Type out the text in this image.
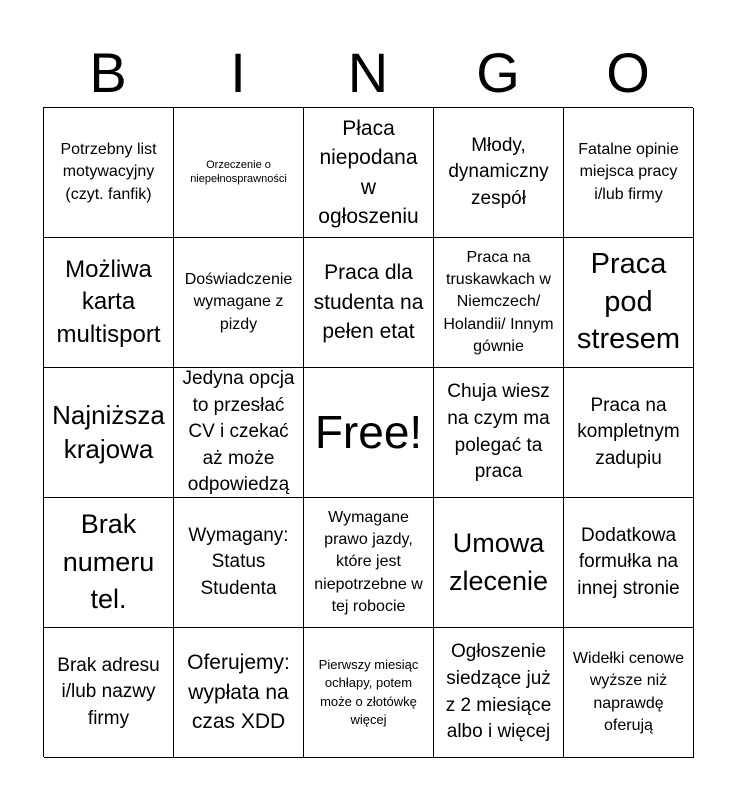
B	I	N	G	O
Potrzebny list motywacyjny (czyt. fanfik)
Orzeczenie o niepełnosprawności
Płaca niepodana w ogłoszeniu
Młody, dynamiczny zespół
Fatalne opinie miejsca pracy i/lub firmy
Możliwa karta multisport
Doświadczenie wymagane z pizdy
Praca dla studenta na pełen etat
Praca na truskawkach w Niemczech/ Holandii/ Innym gównie
Praca pod stresem
Najniższa krajowa
Jedyna opcja to przesłać CV i czekać aż może odpowiedzą
Free!
Chuja wiesz na czym ma polegać ta praca
Praca na kompletnym zadupiu
Brak numeru tel.
Wymagany: Status Studenta
Wymagane prawo jazdy, które jest niepotrzebne w tej robocie
Umowa zlecenie
Dodatkowa formułka na innej stronie
Brak adresu i/lub nazwy firmy
Oferujemy: wypłata na czas XDD
Pierwszy miesiąc ochłapy, potem może o złotówkę więcej
Ogłoszenie siedzące już z 2 miesiące albo i więcej
Widełki cenowe wyższe niż naprawdę oferują
